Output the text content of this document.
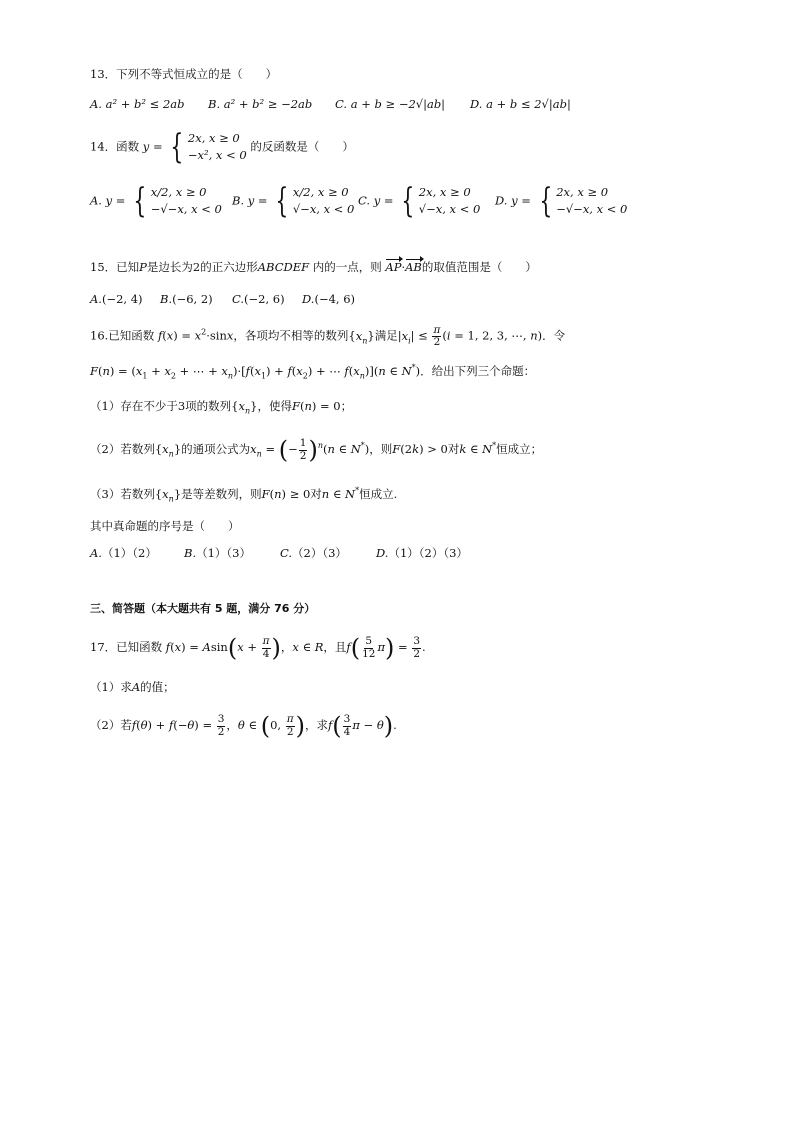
13．下列不等式恒成立的是（　　）
A. a² + b² ≤ 2ab B. a² + b² ≥ −2ab C. a + b ≥ −2√|ab| D. a + b ≤ 2√|ab|
14．函数 y = { 2x, x ≥ 0
−x², x < 0
的反函数是（　　）
A. y = { x/2, x ≥ 0
−√−x, x < 0
B. y = { x/2, x ≥ 0
√−x, x < 0
C. y = { 2x, x ≥ 0
√−x, x < 0
D. y = { 2x, x ≥ 0
−√−x, x < 0
15．已知P是边长为2的正六边形ABCDEF 内的一点，则 AP·AB的取值范围是（　　）
A.(−2, 4) B.(−6, 2) C.(−2, 6) D.(−4, 6)
16.已知函数 $f(x) = x^2\cdot\sin x$，各项均不相等的数列$\{x_n\}$满足$|x_i| \le \frac{\pi}{2} (i = 1$, 2, 3, ⋯, n)．令
$F(n) = (x_1 + x_2$ + ⋯ + $x_n)\cdot[f(x_1) + f(x_2)$ + ⋯ $f(x_n)](n$ ∈ N*)．给出下列三个命题：
（1）存在不少于3项的数列$\{x_n\}$，使得F(n) = 0；
（2）若数列$\{x_n\}$的通项公式为$x_n$ = (− $\frac{1}{2} )^n(n$ ∈ N*)，则F(2k) > 0对k ∈ N*恒成立；
（3）若数列$\{x_n\}$是等差数列，则F(n) ≥ 0对n ∈ N*恒成立.
其中真命题的序号是（　　）
A.（1）（2） B.（1）（3）	C.（2）（3）	D.（1）（2）（3）
三、简答题（本大题共有 5 题，满分 76 分）
17．已知函数 $f(x) = Asin(x + \frac{\pi}{4}$ )，x ∈ R，且$f( \frac{5}{12} \pi) = \frac{3}{2}$ .
（1）求A的值；
（2）若$f(\theta) + f(-\theta) = \frac{3}{2}$ ，θ ∈ (0, $\frac{\pi}{2}$ )，求$f( \frac{3}{4}$ π − θ).
